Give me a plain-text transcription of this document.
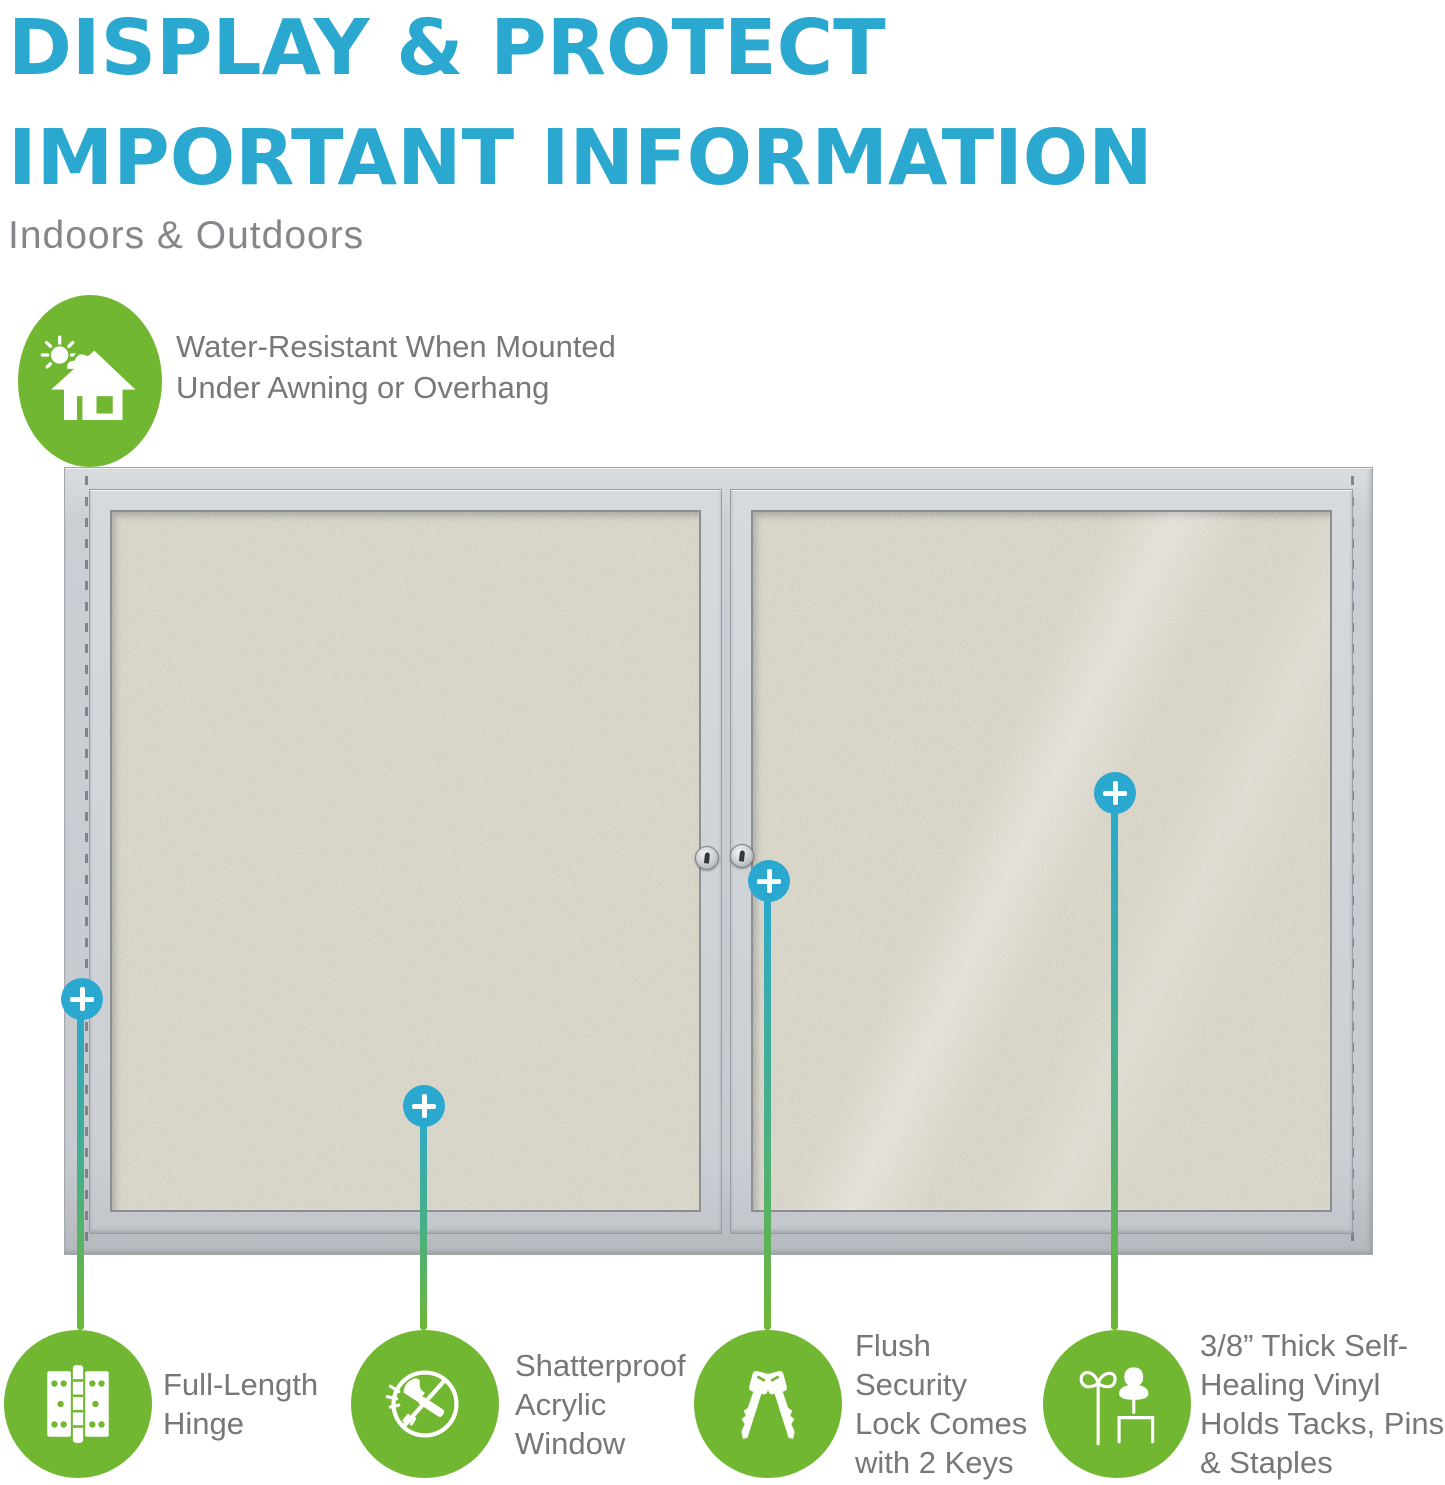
DISPLAY & PROTECT
IMPORTANT INFORMATION
Indoors & Outdoors
Water-Resistant When Mounted
Under Awning or Overhang
Full-Length
Hinge
Shatterproof
Acrylic
Window
Flush
Security
Lock Comes
with 2 Keys
3/8” Thick Self-
Healing Vinyl
Holds Tacks, Pins
& Staples
